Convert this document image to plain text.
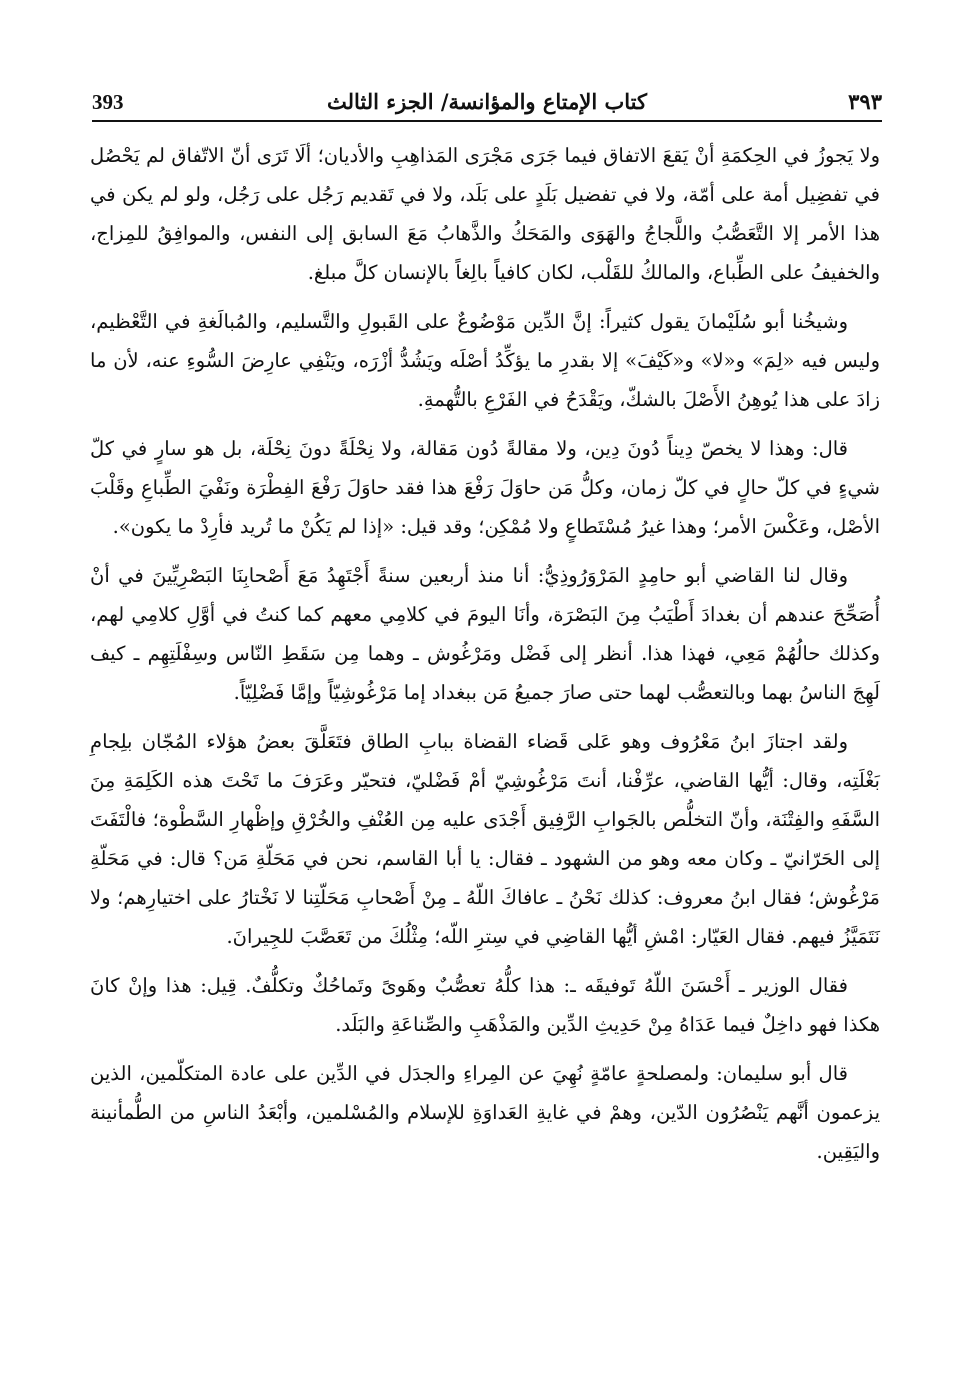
٣٩٣
كتاب الإمتاع والمؤانسة/ الجزء الثالث
393

ولا يَجوزُ في الحِكمَةِ أنْ يَقعَ الاتفاق فيما جَرَى مَجْرَى المَذاهِبِ والأديان؛ ألَا تَرَى أنّ الاتّفاق لم يَحْصُل في تفضِيل أمة على أمّة، ولا في تفضيل بَلَدٍ على بَلَد، ولا في تَقديم رَجُل على رَجُل، ولو لم يكن في هذا الأمر إلا التَّعَصُّبُ واللَّجاجُ والهَوَى والمَحَكُ والذَّهابُ مَعَ السابق إلى النفس، والموافِقُ للمِزاج، والخفيفُ على الطِّباع، والمالكُ للقَلْب، لكان كافياً بالِغاً بالإنسان كلَّ مبلغ.

وشيخُنا أبو سُلَيْمانَ يقول كثيراً: إنَّ الدِّين مَوْضُوعٌ على القَبولِ والتَّسليم، والمُبالَغةِ في التَّعْظيم، وليس فيه «لِمَ» و«لا» و«كَيْفَ» إلا بقدرِ ما يؤكِّدُ أصْلَه ويَشُدُّ أزْرَه، ويَنْفِي عارِضَ السُّوءِ عنه، لأن ما زادَ على هذا يُوهِنُ الأَصْلَ بالشكّ، ويَقْدَحُ في الفَرْعِ بالتُّهمةِ.

قال: وهذا لا يخصّ دِيناً دُونَ دِين، ولا مقالةً دُون مَقالة، ولا نِحْلَةً دونَ نِحْلَة، بل هو سارٍ في كلّ شيءٍ في كلّ حالٍ في كلّ زمان، وكلُّ مَن حاوَلَ رَفْعَ هذا فقد حاوَلَ رَفْعَ الفِطْرَة ونَفْيَ الطِّباعِ وقَلْبَ الأصْل، وعَكْسَ الأمر؛ وهذا غيرُ مُسْتَطاعٍ ولا مُمْكِن؛ وقد قيل: «إذا لم يَكُنْ ما تُريد فأرِدْ ما يكون».

وقال لنا القاضي أبو حامِدٍ المَرْوَرُوذِيُّ: أنا منذ أربعين سنةً أَجْتَهِدُ مَعَ أَصْحابِنَا البَصْرِيِّينَ في أنْ أُصَحِّحَ عندهم أن بغدادَ أَطْيَبُ مِنَ البَصْرَة، وأنَا اليومَ في كلامِي معهم كما كنتُ في أوَّلِ كلامِي لهم، وكذلك حالُهُمْ مَعِي، فهذا هذا. أنظر إلى فَضْل ومَرْغُوش ـ وهما مِن سَقَطِ النّاس وسِفْلَتِهِم ـ كيف لَهِجَ الناسُ بهما وبالتعصُّب لهما حتى صارَ جميعُ مَن ببغداد إما مَرْغُوشِيّاً وإمَّا فَضْلِيّاً.

ولقد اجتازَ ابنُ مَعْرُوف وهو عَلى قَضاء القضاة ببابِ الطاق فتَعَلَّقَ بعضُ هؤلاء المُجّان بلِجامِ بَغْلَتِه، وقال: أيُّها القاضي، عرِّفْنا، أنتَ مَرْغُوشِيّ أمْ فَضْليّ، فتحيّر وعَرَفَ ما تَحْتَ هذه الكَلِمَةِ مِنَ السَّفَهِ والفِتْنَة، وأنّ التخلُّص بالجَوابِ الرَّفِيق أَجْدَى عليه مِن العُنْفِ والخُرْقِ وإظْهارِ السَّطْوة؛ فالْتَفَتَ إلى الحَرّانيّ ـ وكان معه وهو من الشهود ـ فقال: يا أبا القاسم، نحن في مَحَلّةِ مَن؟ قال: في مَحَلّةِ مَرْغُوش؛ فقال ابنُ معروف: كذلك نَحْنُ ـ عافاكَ اللّهُ ـ مِنْ أَصْحابِ مَحَلّتِنا لا نَخْتارُ على اختيارِهم؛ ولا نَتَمَيَّزُ فيهم. فقال العَيّار: امْشِ أيُّها القاضِي في سِترِ اللّه؛ مِثْلُكَ من تَعَصَّبَ للجِيرانَ.

فقال الوزير ـ أَحْسَنَ اللّهُ تَوفيقَه ـ: هذا كلُّهُ تعصُّبٌ وهَوىً وتَماحُكٌ وتكلُّفٌ. قِيل: هذا وإنْ كانَ هكذا فهو داخِلٌ فيما عَدَاهُ مِنْ حَدِيثِ الدِّين والمَذْهَبِ والصِّناعَةِ والبَلَد.

قال أبو سليمان: ولمصلحةٍ عامّةٍ نُهِيَ عن المِراءِ والجدَل في الدِّين على عادة المتكلّمين، الذين يزعمون أنَّهم يَنْصُرُون الدّين، وهمْ في غايةِ العَداوَةِ للإسلام والمُسْلمين، وأبْعَدُ الناسِ من الطُّمأنينة واليَقِين.
